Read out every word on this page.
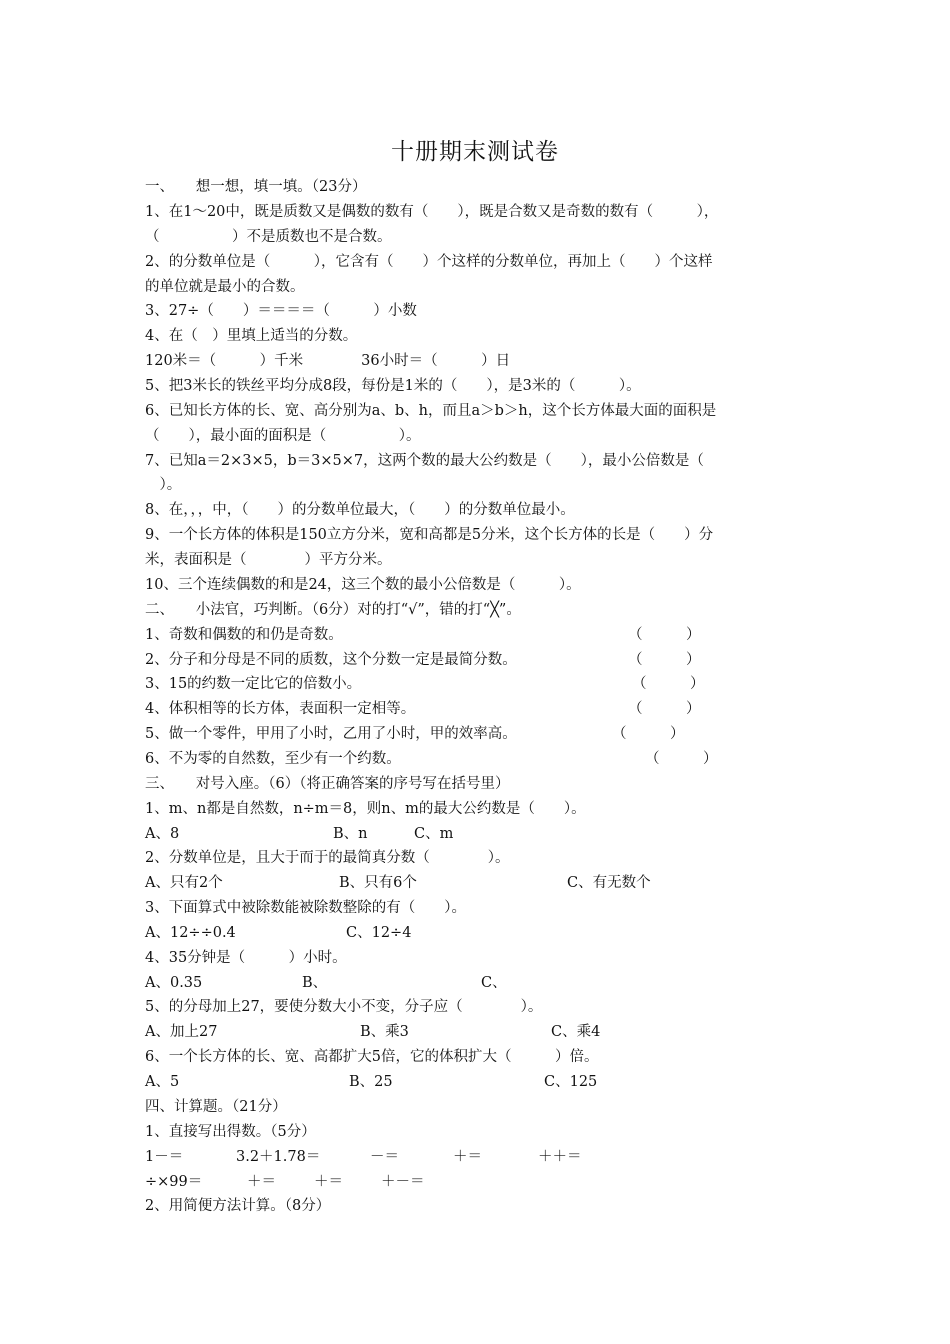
十册期末测试卷
一、　　想一想，填一填。（23分）
1、在1～20中，既是质数又是偶数的数有（　　），既是合数又是奇数的数有（　　　），
（　　　　　）不是质数也不是合数。
2、的分数单位是（　　　），它含有（　　）个这样的分数单位，再加上（　　）个这样
的单位就是最小的合数。
3、27÷（　　）＝＝＝＝（　　　）小数
4、在（　）里填上适当的分数。
120米＝（　　　）千米　　　　36小时＝（　　　）日
5、把3米长的铁丝平均分成8段，每份是1米的（　　），是3米的（　　　）。
6、已知长方体的长、宽、高分别为a、b、h，而且a＞b＞h，这个长方体最大面的面积是
（　　），最小面的面积是（　　　　　）。
7、已知a＝2×3×5，b＝3×5×7，这两个数的最大公约数是（　　），最小公倍数是（
　）。
8、在，，，中，（　　）的分数单位最大，（　　）的分数单位最小。
9、一个长方体的体积是150立方分米，宽和高都是5分米，这个长方体的长是（　　）分
米，表面积是（　　　　）平方分米。
10、三个连续偶数的和是24，这三个数的最小公倍数是（　　　）。
二、　　小法官，巧判断。（6分）对的打“√”，错的打“╳”。
1、奇数和偶数的和仍是奇数。	（　　　）
2、分子和分母是不同的质数，这个分数一定是最简分数。	（　　　）
3、15的约数一定比它的倍数小。	（　　　）
4、体积相等的长方体，表面积一定相等。	（　　　）
5、做一个零件，甲用了小时，乙用了小时，甲的效率高。	（　　　）
6、不为零的自然数，至少有一个约数。	（　　　）
三、　　对号入座。（6）（将正确答案的序号写在括号里）
1、m、n都是自然数，n÷m＝8，则n、m的最大公约数是（　　）。
A、8	B、n	C、m
2、分数单位是，且大于而于的最简真分数（　　　　）。
A、只有2个	B、只有6个	C、有无数个
3、下面算式中被除数能被除数整除的有（　　）。
A、12÷÷0.4	C、12÷4
4、35分钟是（　　　）小时。
A、0.35	B、	C、
5、的分母加上27，要使分数大小不变，分子应（　　　　）。
A、加上27	B、乘3	C、乘4
6、一个长方体的长、宽、高都扩大5倍，它的体积扩大（　　　）倍。
A、5	B、25	C、125
四、计算题。（21分）
1、直接写出得数。（5分）
1－＝	3.2＋1.78＝	－＝	＋＝	＋＋＝
÷×99＝	＋＝	＋＝	＋－＝
2、用简便方法计算。（8分）
